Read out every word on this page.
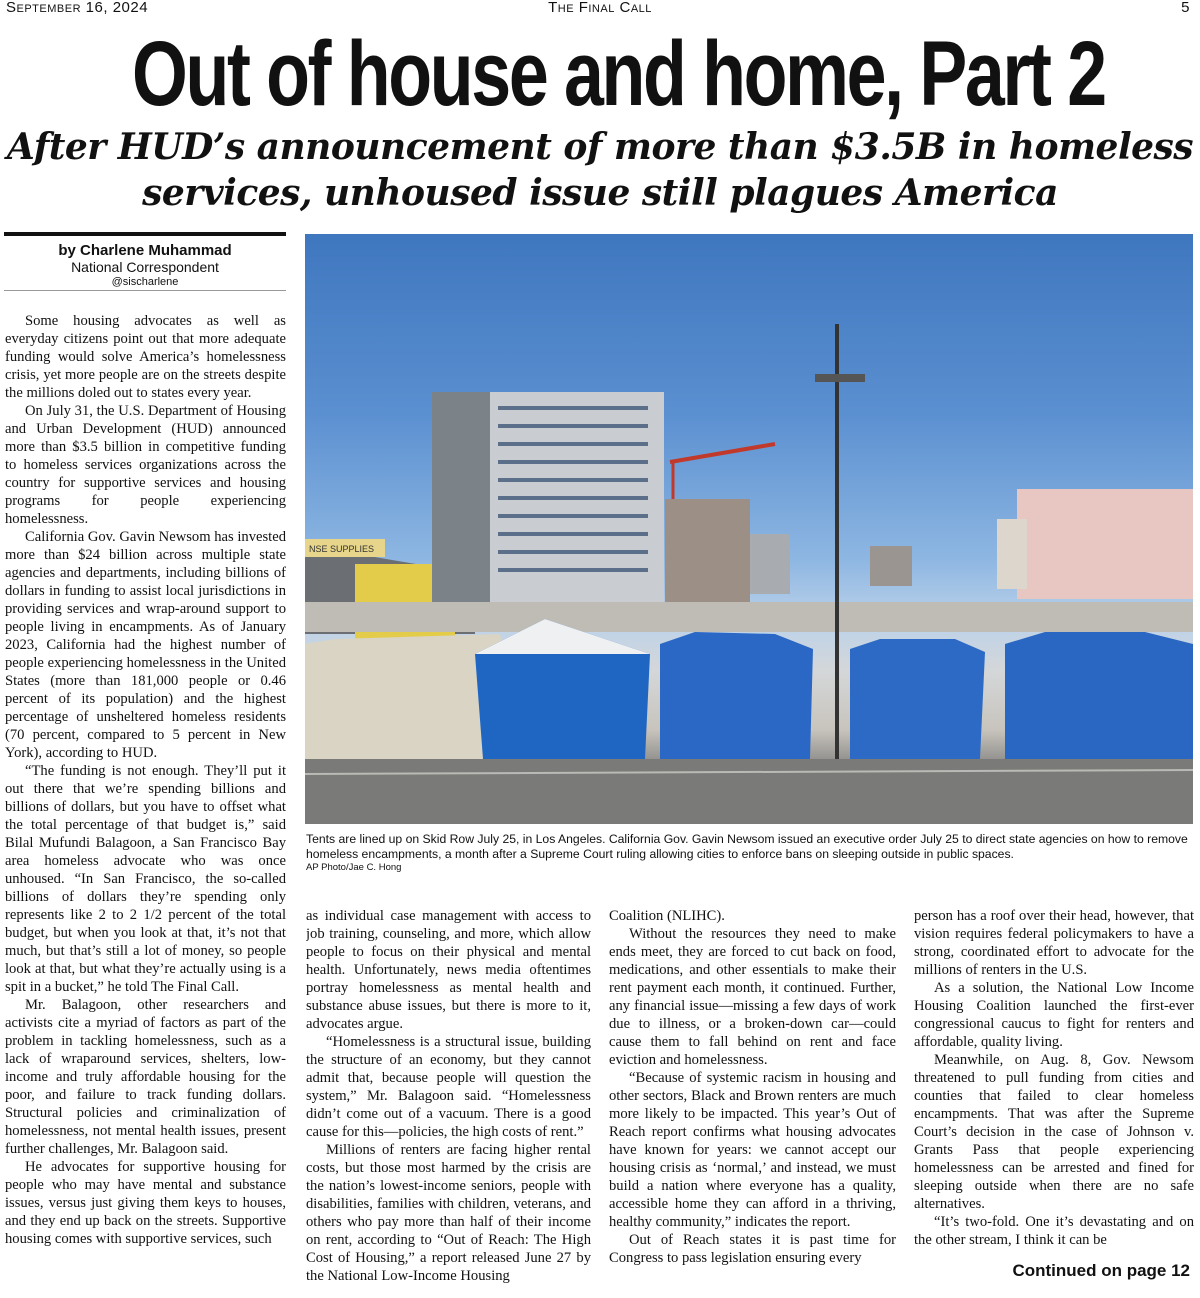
September 16, 2024	The Final Call	5
Out of house and home, Part 2
After HUD’s announcement of more than $3.5B in homeless services, unhoused issue still plagues America
by Charlene Muhammad
National Correspondent
@sischarlene

Some housing advocates as well as everyday citizens point out that more adequate funding would solve America’s homelessness crisis, yet more people are on the streets despite the millions doled out to states every year.

On July 31, the U.S. Department of Housing and Urban Development (HUD) announced more than $3.5 billion in competitive funding to homeless services organizations across the country for supportive services and housing programs for people experiencing homelessness.

California Gov. Gavin Newsom has invested more than $24 billion across multiple state agencies and departments, including billions of dollars in funding to assist local jurisdictions in providing services and wrap-around support to people living in encampments. As of January 2023, California had the highest number of people experiencing homelessness in the United States (more than 181,000 people or 0.46 percent of its population) and the highest percentage of unsheltered homeless residents (70 percent, compared to 5 percent in New York), according to HUD.

“The funding is not enough. They’ll put it out there that we’re spending billions and billions of dollars, but you have to offset what the total percentage of that budget is,” said Bilal Mufundi Balagoon, a San Francisco Bay area homeless advocate who was once unhoused. “In San Francisco, the so-called billions of dollars they’re spending only represents like 2 to 2 1/2 percent of the total budget, but when you look at that, it’s not that much, but that’s still a lot of money, so people look at that, but what they’re actually using is a spit in a bucket,” he told The Final Call.

Mr. Balagoon, other researchers and activists cite a myriad of factors as part of the problem in tackling homelessness, such as a lack of wraparound services, shelters, low-income and truly affordable housing for the poor, and failure to track funding dollars. Structural policies and criminalization of homelessness, not mental health issues, present further challenges, Mr. Balagoon said.

He advocates for supportive housing for people who may have mental and substance issues, versus just giving them keys to houses, and they end up back on the streets. Supportive housing comes with supportive services, such

NSE SUPPLIES
Tents are lined up on Skid Row July 25, in Los Angeles. California Gov. Gavin Newsom issued an executive order July 25 to direct state agencies on how to remove homeless encampments, a month after a Supreme Court ruling allowing cities to enforce bans on sleeping outside in public spaces.
AP Photo/Jae C. Hong

as individual case management with access to job training, counseling, and more, which allow people to focus on their physical and mental health. Unfortunately, news media oftentimes portray homelessness as mental health and substance abuse issues, but there is more to it, advocates argue.

“Homelessness is a structural issue, building the structure of an economy, but they cannot admit that, because people will question the system,” Mr. Balagoon said. “Homelessness didn’t come out of a vacuum. There is a good cause for this—policies, the high costs of rent.”

Millions of renters are facing higher rental costs, but those most harmed by the crisis are the nation’s lowest-income seniors, people with disabilities, families with children, veterans, and others who pay more than half of their income on rent, according to “Out of Reach: The High Cost of Housing,” a report released June 27 by the National Low-Income Housing

Coalition (NLIHC).

Without the resources they need to make ends meet, they are forced to cut back on food, medications, and other essentials to make their rent payment each month, it continued. Further, any financial issue—missing a few days of work due to illness, or a broken-down car—could cause them to fall behind on rent and face eviction and homelessness.

“Because of systemic racism in housing and other sectors, Black and Brown renters are much more likely to be impacted. This year’s Out of Reach report confirms what housing advocates have known for years: we cannot accept our housing crisis as ‘normal,’ and instead, we must build a nation where everyone has a quality, accessible home they can afford in a thriving, healthy community,” indicates the report.

Out of Reach states it is past time for Congress to pass legislation ensuring every

person has a roof over their head, however, that vision requires federal policymakers to have a strong, coordinated effort to advocate for the millions of renters in the U.S.

As a solution, the National Low Income Housing Coalition launched the first-ever congressional caucus to fight for renters and affordable, quality living.

Meanwhile, on Aug. 8, Gov. Newsom threatened to pull funding from cities and counties that failed to clear homeless encampments. That was after the Supreme Court’s decision in the case of Johnson v. Grants Pass that people experiencing homelessness can be arrested and fined for sleeping outside when there are no safe alternatives.

“It’s two-fold. One it’s devastating and on the other stream, I think it can be

Continued on page 12
